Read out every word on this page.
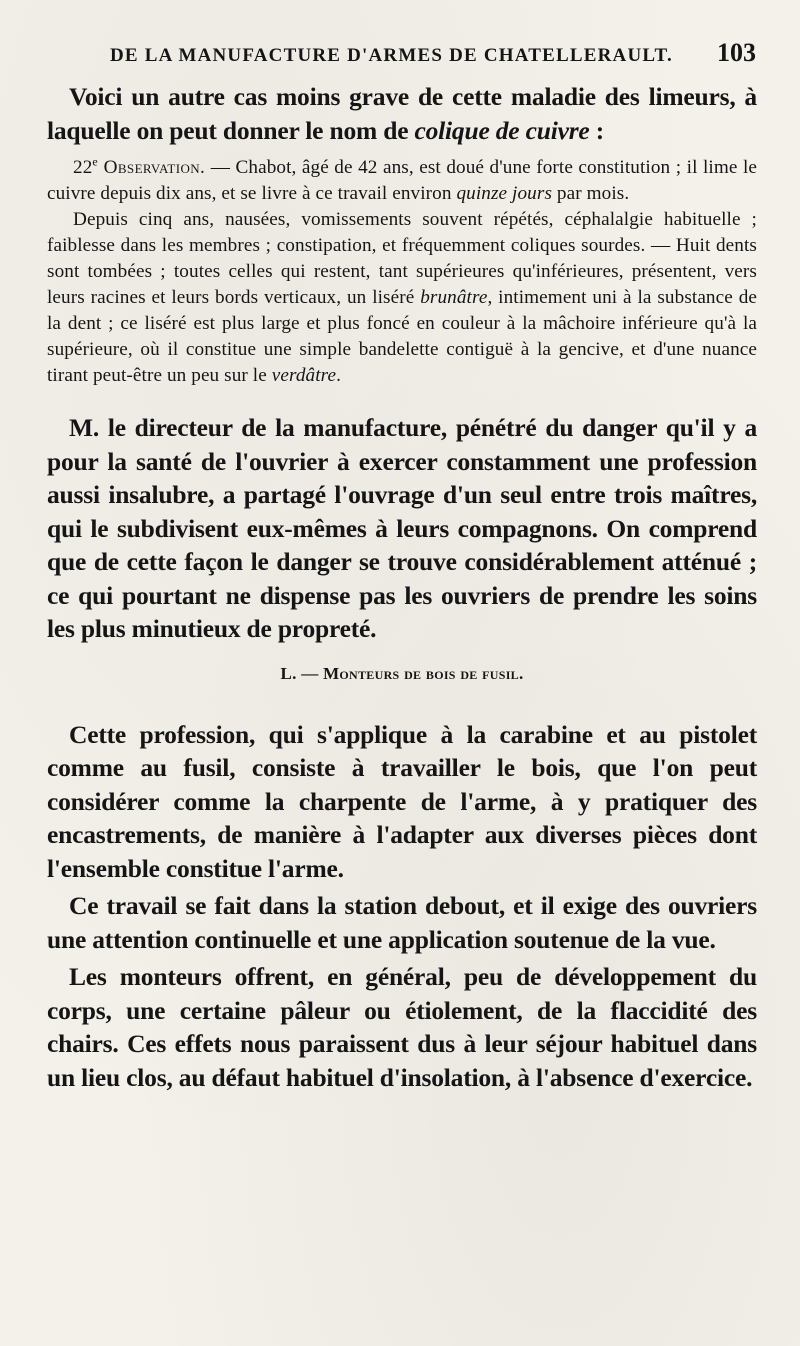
DE LA MANUFACTURE D'ARMES DE CHATELLERAULT. 103

Voici un autre cas moins grave de cette maladie des limeurs, à laquelle on peut donner le nom de colique de cuivre :

22e Observation. — Chabot, âgé de 42 ans, est doué d'une forte constitution ; il lime le cuivre depuis dix ans, et se livre à ce travail environ quinze jours par mois.

Depuis cinq ans, nausées, vomissements souvent répétés, céphalalgie habituelle ; faiblesse dans les membres ; constipation, et fréquemment coliques sourdes. — Huit dents sont tombées ; toutes celles qui restent, tant supérieures qu'inférieures, présentent, vers leurs racines et leurs bords verticaux, un liséré brunâtre, intimement uni à la substance de la dent ; ce liséré est plus large et plus foncé en couleur à la mâchoire inférieure qu'à la supérieure, où il constitue une simple bandelette contiguë à la gencive, et d'une nuance tirant peut-être un peu sur le verdâtre.

M. le directeur de la manufacture, pénétré du danger qu'il y a pour la santé de l'ouvrier à exercer constamment une profession aussi insalubre, a partagé l'ouvrage d'un seul entre trois maîtres, qui le subdivisent eux-mêmes à leurs compagnons. On comprend que de cette façon le danger se trouve considérablement atténué ; ce qui pourtant ne dispense pas les ouvriers de prendre les soins les plus minutieux de propreté.

L. — Monteurs de bois de fusil.

Cette profession, qui s'applique à la carabine et au pistolet comme au fusil, consiste à travailler le bois, que l'on peut considérer comme la charpente de l'arme, à y pratiquer des encastrements, de manière à l'adapter aux diverses pièces dont l'ensemble constitue l'arme.

Ce travail se fait dans la station debout, et il exige des ouvriers une attention continuelle et une application soutenue de la vue.

Les monteurs offrent, en général, peu de développement du corps, une certaine pâleur ou étiolement, de la flaccidité des chairs. Ces effets nous paraissent dus à leur séjour habituel dans un lieu clos, au défaut habituel d'insolation, à l'absence d'exercice.
